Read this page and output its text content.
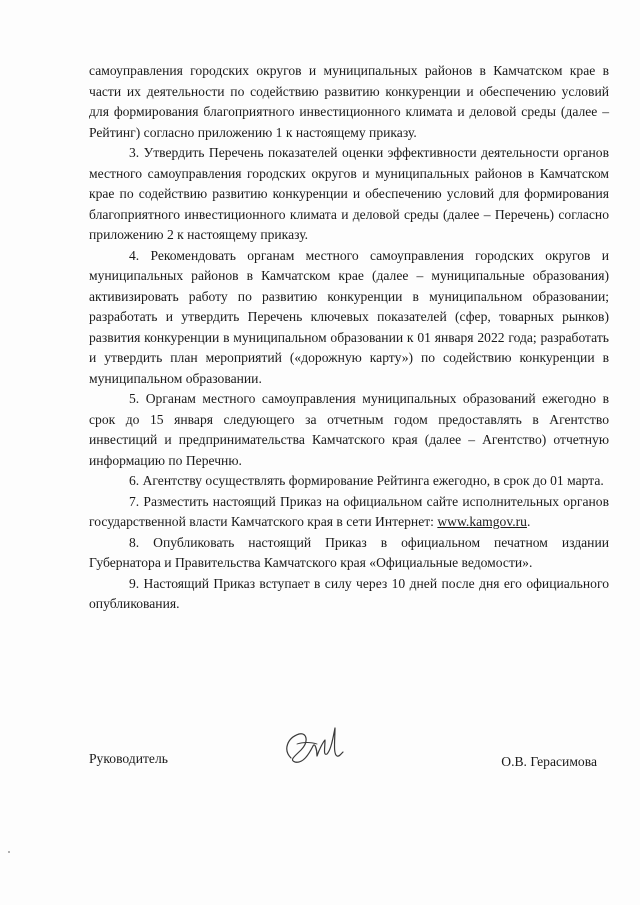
самоуправления городских округов и муниципальных районов в Камчатском крае в части их деятельности по содействию развитию конкуренции и обеспечению условий для формирования благоприятного инвестиционного климата и деловой среды (далее – Рейтинг) согласно приложению 1 к настоящему приказу.

3. Утвердить Перечень показателей оценки эффективности деятельности органов местного самоуправления городских округов и муниципальных районов в Камчатском крае по содействию развитию конкуренции и обеспечению условий для формирования благоприятного инвестиционного климата и деловой среды (далее – Перечень) согласно приложению 2 к настоящему приказу.

4. Рекомендовать органам местного самоуправления городских округов и муниципальных районов в Камчатском крае (далее – муниципальные образования) активизировать работу по развитию конкуренции в муниципальном образовании; разработать и утвердить Перечень ключевых показателей (сфер, товарных рынков) развития конкуренции в муниципальном образовании к 01 января 2022 года; разработать и утвердить план мероприятий («дорожную карту») по содействию конкуренции в муниципальном образовании.

5. Органам местного самоуправления муниципальных образований ежегодно в срок до 15 января следующего за отчетным годом предоставлять в Агентство инвестиций и предпринимательства Камчатского края (далее – Агентство) отчетную информацию по Перечню.

6. Агентству осуществлять формирование Рейтинга ежегодно, в срок до 01 марта.

7. Разместить настоящий Приказ на официальном сайте исполнительных органов государственной власти Камчатского края в сети Интернет: www.kamgov.ru.

8. Опубликовать настоящий Приказ в официальном печатном издании Губернатора и Правительства Камчатского края «Официальные ведомости».

9. Настоящий Приказ вступает в силу через 10 дней после дня его официального опубликования.

Руководитель	О.В. Герасимова
